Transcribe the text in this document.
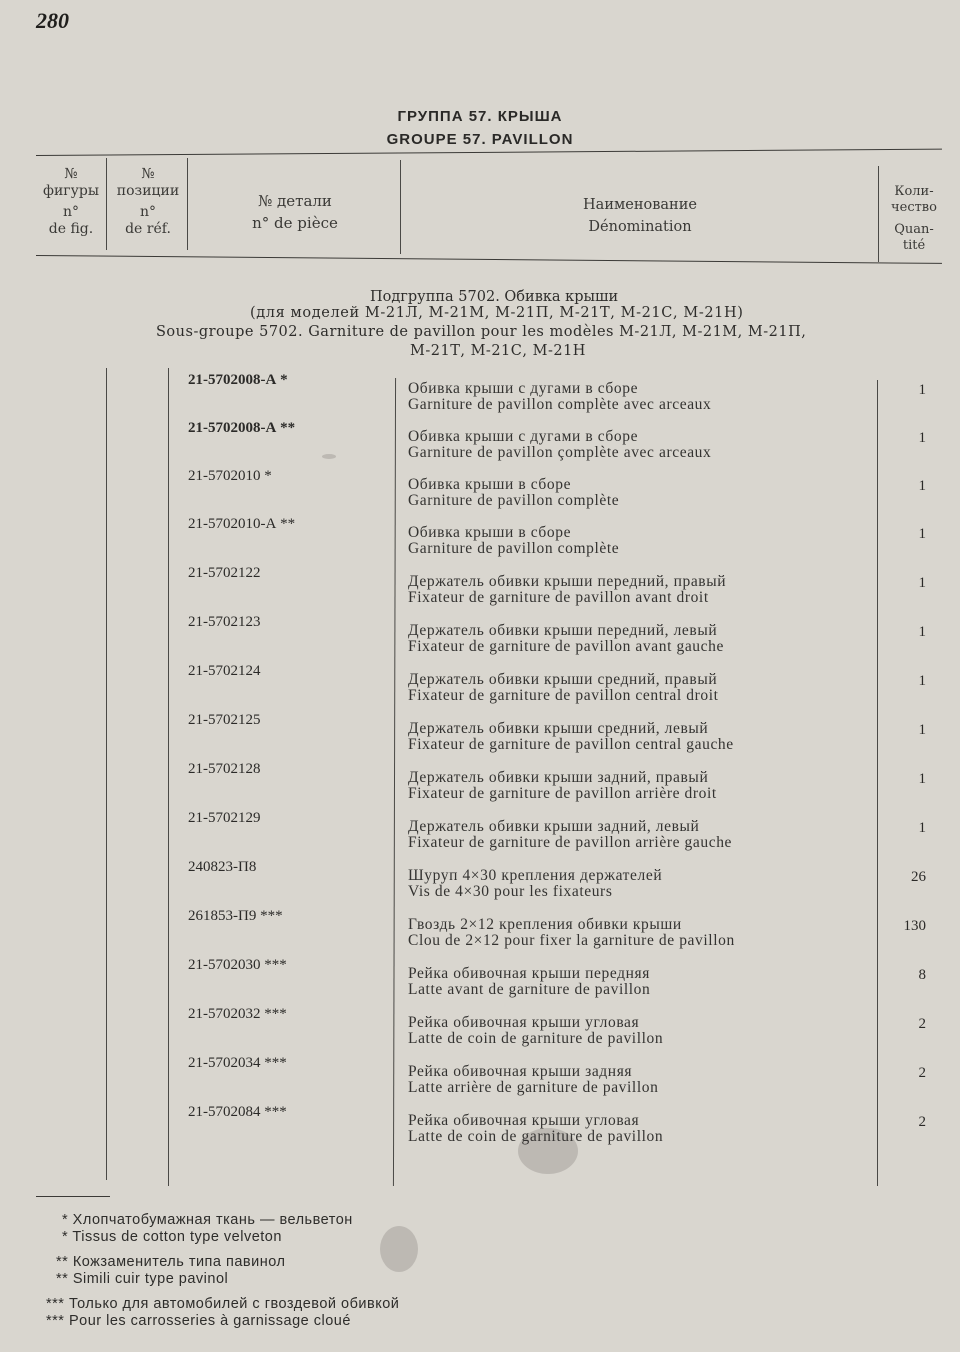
280
ГРУППА 57. КРЫША
GROUPE 57. PAVILLON
№
фигуры
n°
de fig.
№
позиции
n°
de réf.
№ детали
n° de pièce
Наименование
Dénomination
Коли-
чество
Quan-
tité
Подгруппа 5702. Обивка крыши
(для моделей М-21Л, М-21М, М-21П, М-21Т, М-21С, М-21Н)
Sous-groupe 5702. Garniture de pavillon pour les modèles М-21Л, М-21М, М-21П,
М-21Т, М-21С, М-21Н
21-5702008-А *	Обивка крыши с дугами в сборе
Garniture de pavillon complète avec arceaux
1
21-5702008-А **	Обивка крыши с дугами в сборе
Garniture de pavillon çomplète avec arceaux
1
21-5702010 *	Обивка крыши в сборе
Garniture de pavillon complète
1
21-5702010-А **	Обивка крыши в сборе
Garniture de pavillon complète
1
21-5702122	Держатель обивки крыши передний, правый
Fixateur de garniture de pavillon avant droit
1
21-5702123	Держатель обивки крыши передний, левый
Fixateur de garniture de pavillon avant gauche
1
21-5702124	Держатель обивки крыши средний, правый
Fixateur de garniture de pavillon central droit
1
21-5702125	Держатель обивки крыши средний, левый
Fixateur de garniture de pavillon central gauche
1
21-5702128	Держатель обивки крыши задний, правый
Fixateur de garniture de pavillon arrière droit
1
21-5702129	Держатель обивки крыши задний, левый
Fixateur de garniture de pavillon arrière gauche
1
240823-П8	Шуруп 4×30 крепления держателей
Vis de 4×30 pour les fixateurs
26
261853-П9 ***	Гвоздь 2×12 крепления обивки крыши
Clou de 2×12 pour fixer la garniture de pavillon
130
21-5702030 ***	Рейка обивочная крыши передняя
Latte avant de garniture de pavillon
8
21-5702032 ***	Рейка обивочная крыши угловая
Latte de coin de garniture de pavillon
2
21-5702034 ***	Рейка обивочная крыши задняя
Latte arrière de garniture de pavillon
2
21-5702084 ***	Рейка обивочная крыши угловая
Latte de coin de garniture de pavillon
2
* Хлопчатобумажная ткань — вельветон
* Tissus de cotton type velveton
** Кожзаменитель типа павинол
** Simili cuir type pavinol
*** Только для автомобилей с гвоздевой обивкой
*** Pour les carrosseries à garnissage cloué
